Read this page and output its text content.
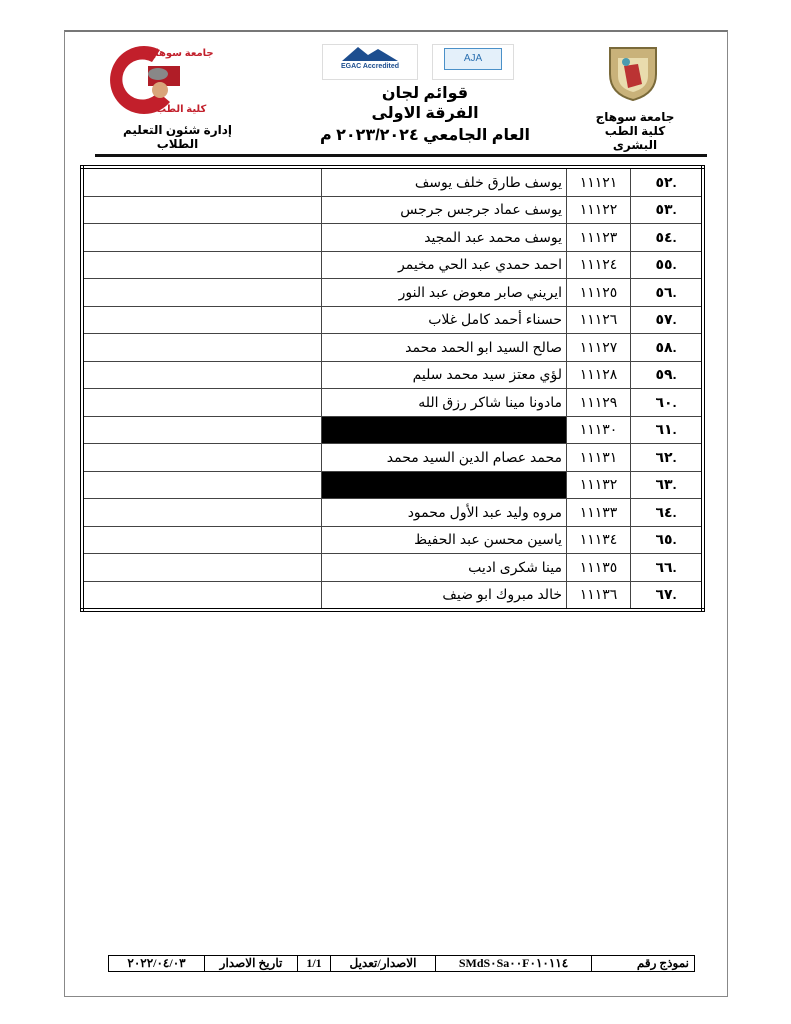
جامعة سوهاج
كلية الطب البشرى
EGAC Accredited
AJA
قوائم لجان
الفرقة الاولى
العام الجامعي ٢٠٢٣/٢٠٢٤ م
جامعة سوهاج
كلية الطب
إدارة شئون التعليم الطلاب
.٥٢	١١١٢١	يوسف طارق خلف يوسف	
.٥٣	١١١٢٢	يوسف عماد جرجس جرجس	
.٥٤	١١١٢٣	يوسف محمد عبد المجيد	
.٥٥	١١١٢٤	احمد حمدي عبد الحي مخيمر	
.٥٦	١١١٢٥	ايريني صابر معوض عبد النور	
.٥٧	١١١٢٦	حسناء أحمد كامل غلاب	
.٥٨	١١١٢٧	صالح السيد ابو الحمد محمد	
.٥٩	١١١٢٨	لؤي معتز سيد محمد سليم	
.٦٠	١١١٢٩	مادونا مينا شاكر رزق الله	
.٦١	١١١٣٠		
.٦٢	١١١٣١	محمد عصام الدين السيد محمد	
.٦٣	١١١٣٢		
.٦٤	١١١٣٣	مروه وليد عبد الأول محمود	
.٦٥	١١١٣٤	ياسين محسن عبد الحفيظ	
.٦٦	١١١٣٥	مينا شكرى اديب	
.٦٧	١١١٣٦	خالد مبروك ابو ضيف	
نموذج رقم	SMdS٠Sa٠٠F٠١٠١١٤	الاصدار/تعديل	1/1	تاريخ الاصدار	٢٠٢٢/٠٤/٠٣
